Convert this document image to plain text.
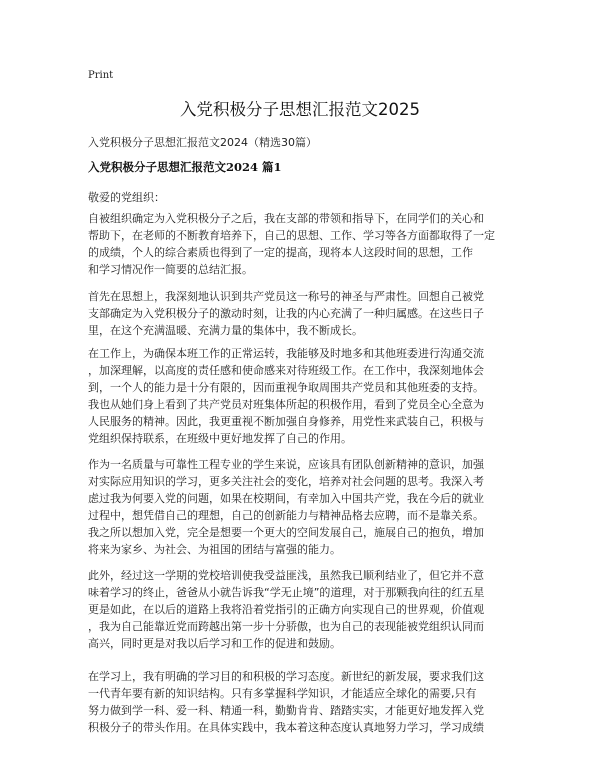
Print
入党积极分子思想汇报范文2025
入党积极分子思想汇报范文2024（精选30篇）
入党积极分子思想汇报范文2024 篇1
敬爱的党组织：
自被组织确定为入党积极分子之后，我在支部的带领和指导下，在同学们的关心和
帮助下，在老师的不断教育培养下，自己的思想、工作、学习等各方面都取得了一定
的成绩，个人的综合素质也得到了一定的提高，现将本人这段时间的思想，工作
和学习情况作一简要的总结汇报。
首先在思想上，我深刻地认识到共产党员这一称号的神圣与严肃性。回想自己被党
支部确定为入党积极分子的激动时刻，让我的内心充满了一种归属感。在这些日子
里，在这个充满温暖、充满力量的集体中，我不断成长。
在工作上，为确保本班工作的正常运转，我能够及时地多和其他班委进行沟通交流
，加深理解，以高度的责任感和使命感来对待班级工作。在工作中，我深刻地体会
到，一个人的能力是十分有限的，因而重视争取周围共产党员和其他班委的支持。
我也从她们身上看到了共产党员对班集体所起的积极作用，看到了党员全心全意为
人民服务的精神。因此，我更重视不断加强自身修养，用党性来武装自己，积极与
党组织保持联系，在班级中更好地发挥了自己的作用。
作为一名质量与可靠性工程专业的学生来说，应该具有团队创新精神的意识，加强
对实际应用知识的学习，更多关注社会的变化，培养对社会问题的思考。我深入考
虑过我为何要入党的问题，如果在校期间，有幸加入中国共产党，我在今后的就业
过程中，想凭借自己的理想，自己的创新能力与精神品格去应聘，而不是靠关系。
我之所以想加入党，完全是想要一个更大的空间发展自己，施展自己的抱负，增加
将来为家乡、为社会、为祖国的团结与富强的能力。
此外，经过这一学期的党校培训使我受益匪浅，虽然我已顺利结业了，但它并不意
味着学习的终止，爸爸从小就告诉我“学无止境”的道理，对于那颗我向往的红五星
更是如此，在以后的道路上我将沿着党指引的正确方向实现自己的世界观，价值观
，我为自己能靠近党而跨越出第一步十分骄傲，也为自己的表现能被党组织认同而
高兴，同时更是对我以后学习和工作的促进和鼓励。
在学习上，我有明确的学习目的和积极的学习态度。新世纪的新发展，要求我们这
一代青年要有新的知识结构。只有多掌握科学知识，才能适应全球化的需要,只有
努力做到学一科、爱一科、精通一科，勤勤肯肯、踏踏实实，才能更好地发挥入党
积极分子的带头作用。在具体实践中，我本着这种态度认真地努力学习，学习成绩
